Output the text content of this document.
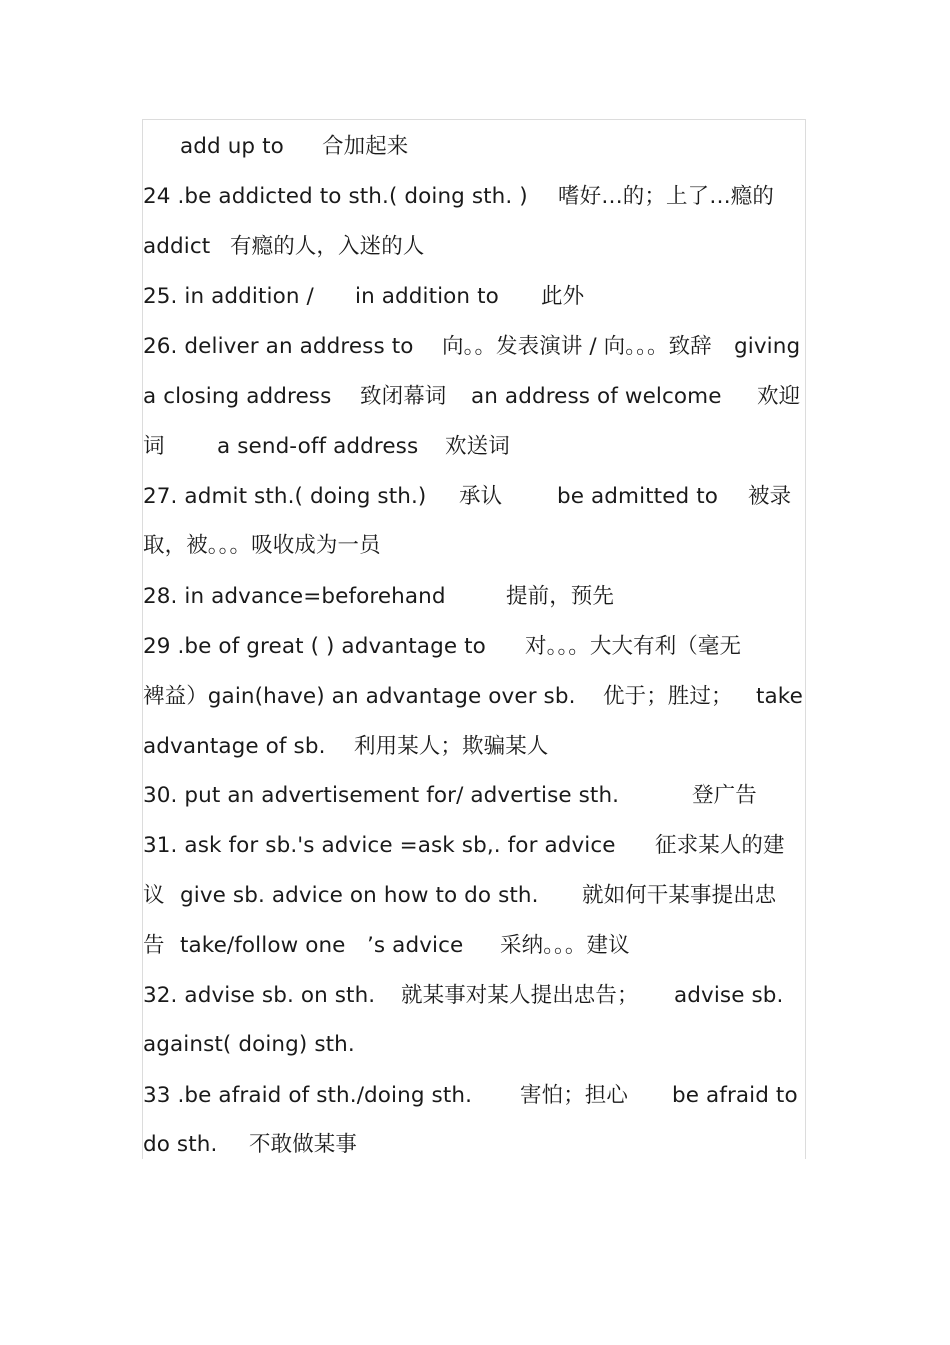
add up to

合加起来

24 .be addicted to sth.( doing sth. )

嗜好…的；上了…瘾的

addict

有瘾的人，入迷的人

25. in addition /

in addition to

此外

26. deliver an address to

向。。发表演讲 / 向。。。致辞

giving

a closing address

致闭幕词

an address of welcome

欢迎

词

a send-off address

欢送词

27. admit sth.( doing sth.)

承认

	be admitted to

被录

取，被。。。吸收成为一员

28. in advance=beforehand

	提前，预先

29 .be of great ( ) advantage to

对。。。大大有利（毫无

裨益）gain(have) an advantage over sb.

优于；胜过；

take

advantage of sb.

利用某人；欺骗某人

30. put an advertisement for/ advertise sth.

	登广告

31. ask for sb.'s advice =ask sb,. for advice

征求某人的建

议

give sb. advice on how to do sth.

就如何干某事提出忠

告

take/follow one

’s advice

采纳。。。建议

32. advise sb. on sth.

就某事对某人提出忠告；

advise sb.

against( doing) sth.

33 .be afraid of sth./doing sth.

害怕；担心

be afraid to

do sth.

不敢做某事
